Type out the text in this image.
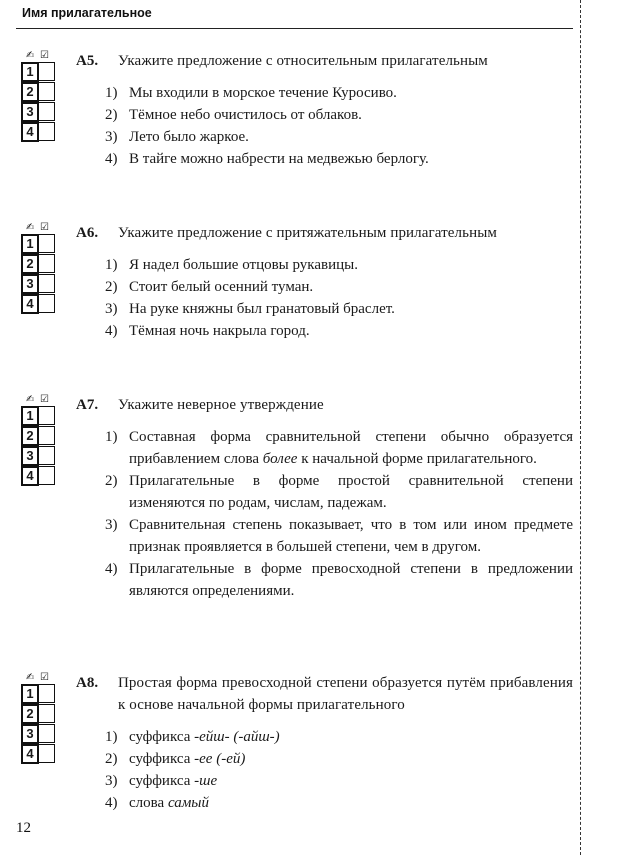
Имя прилагательное
✍ ☑
1
2
3
4
А5.	Укажите предложение с относительным прилагательным
1) Мы входили в морское течение Куросиво.
2) Тёмное небо очистилось от облаков.
3) Лето было жаркое.
4) В тайге можно набрести на медвежью берлогу.
✍ ☑
1
2
3
4
А6.	Укажите предложение с притяжательным прилагательным
1) Я надел большие отцовы рукавицы.
2) Стоит белый осенний туман.
3) На руке княжны был гранатовый браслет.
4) Тёмная ночь накрыла город.
✍ ☑
1
2
3
4
А7.	Укажите неверное утверждение
1) Составная форма сравнительной степени обычно образуется прибавлением слова более к начальной форме прилагательного.
2) Прилагательные в форме простой сравнительной степени изменяются по родам, числам, падежам.
3) Сравнительная степень показывает, что в том или ином предмете признак проявляется в большей степени, чем в другом.
4) Прилагательные в форме превосходной степени в предложении являются определениями.
✍ ☑
1
2
3
4
А8.	Простая форма превосходной степени образуется путём прибавления к основе начальной формы прилагательного
1) суффикса -ейш- (-айш-)
2) суффикса -ее (-ей)
3) суффикса -ше
4) слова самый
12
